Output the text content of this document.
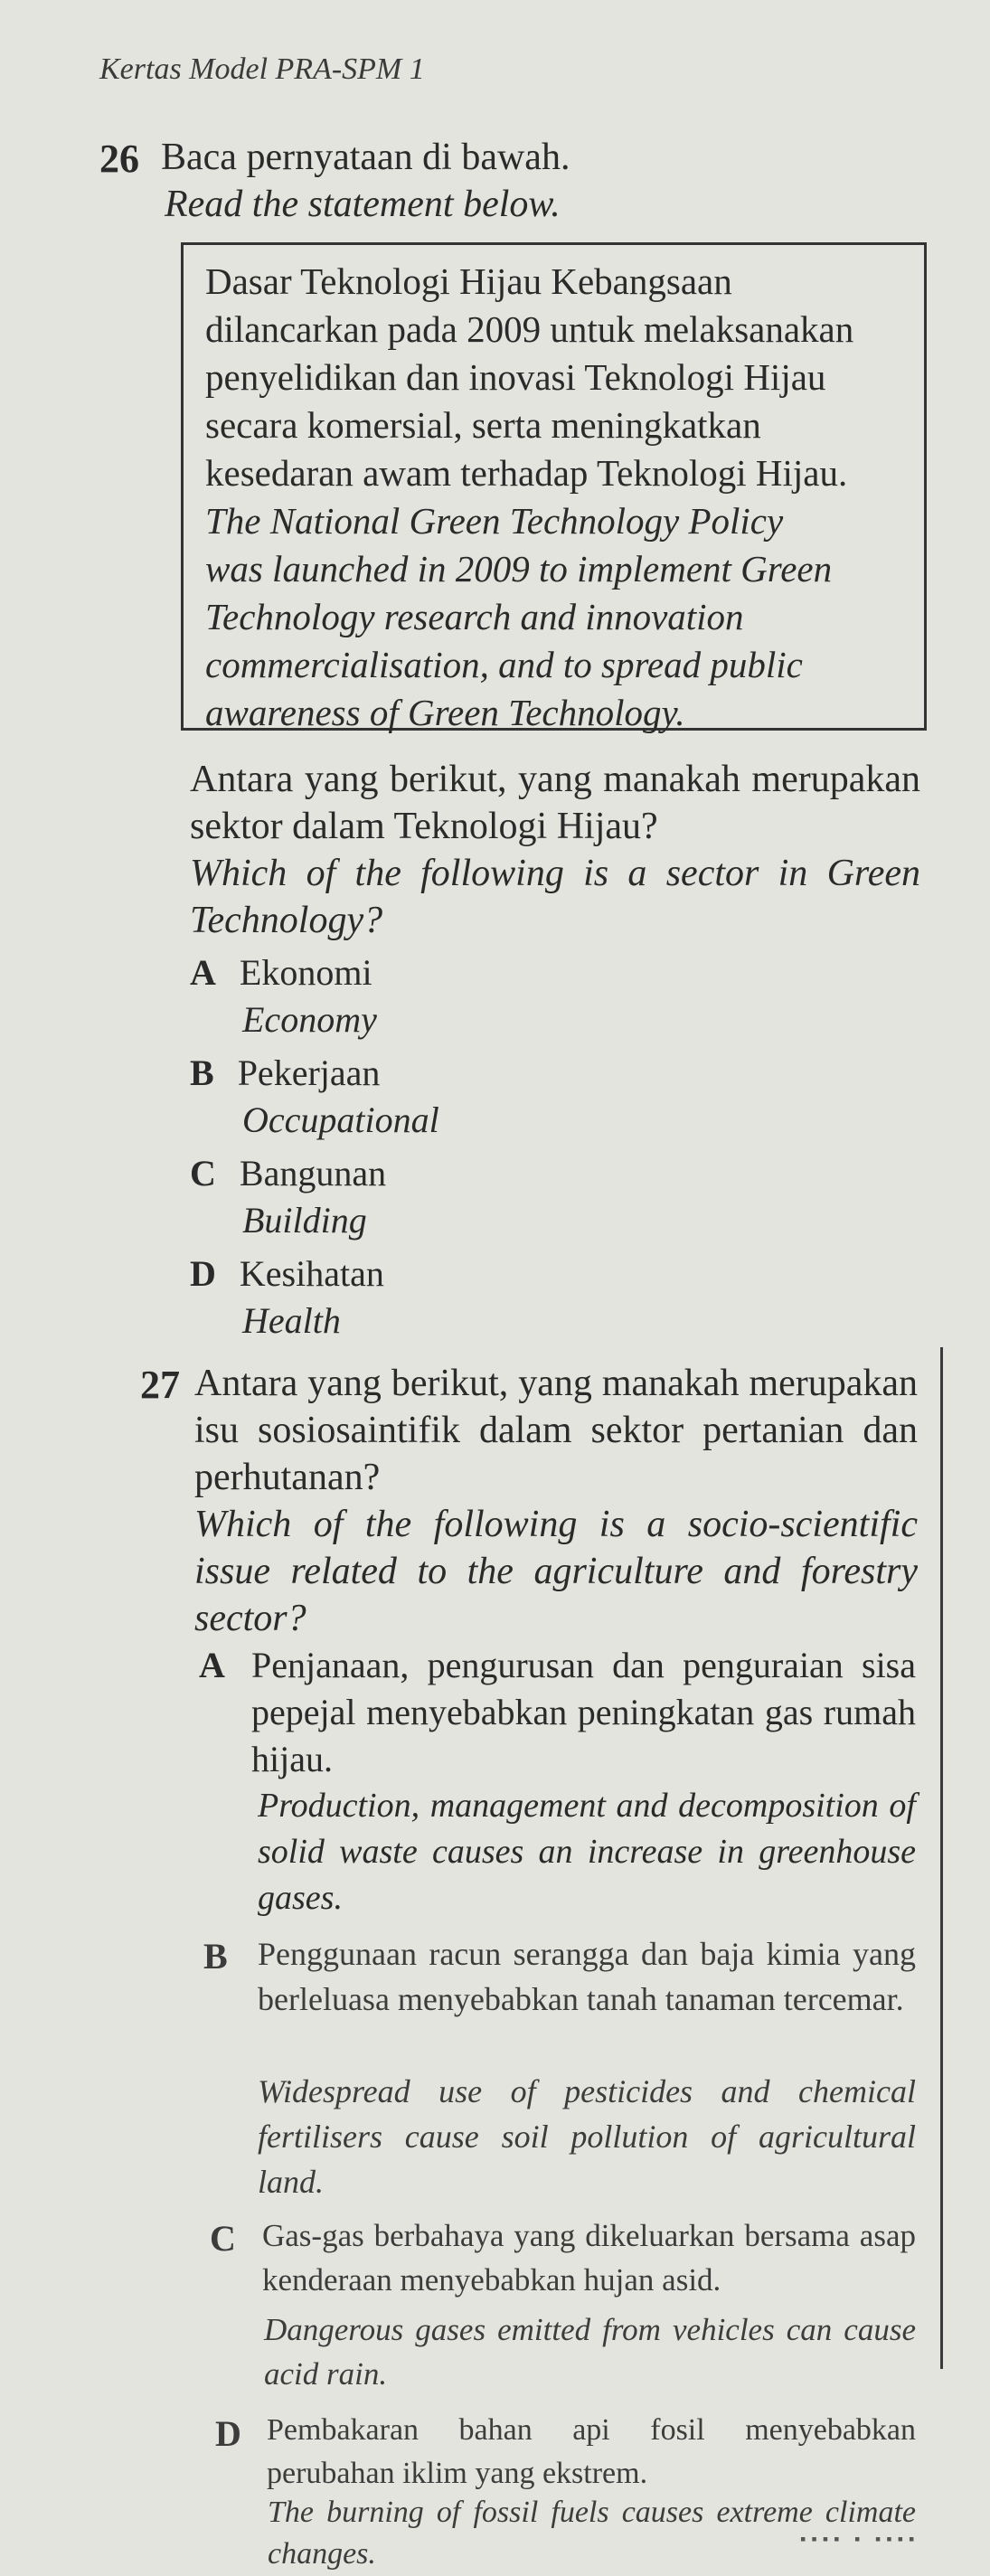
Kertas Model PRA-SPM 1
26 Baca pernyataan di bawah.
Read the statement below.
Dasar Teknologi Hijau Kebangsaan
dilancarkan pada 2009 untuk melaksanakan
penyelidikan dan inovasi Teknologi Hijau
secara komersial, serta meningkatkan
kesedaran awam terhadap Teknologi Hijau.
The National Green Technology Policy
was launched in 2009 to implement Green
Technology research and innovation
commercialisation, and to spread public
awareness of Green Technology.
Antara yang berikut, yang manakah merupakan sektor dalam Teknologi Hijau?
Which of the following is a sector in Green Technology?
A Ekonomi
Economy
B Pekerjaan
Occupational
C Bangunan
Building
D Kesihatan
Health
27 Antara yang berikut, yang manakah merupakan isu sosiosaintifik dalam sektor pertanian dan perhutanan?
Which of the following is a socio-scientific issue related to the agriculture and forestry sector?
A Penjanaan, pengurusan dan penguraian sisa pepejal menyebabkan peningkatan gas rumah hijau.
Production, management and decomposition of solid waste causes an increase in greenhouse gases.
B Penggunaan racun serangga dan baja kimia yang berleluasa menyebabkan tanah tanaman tercemar.
Widespread use of pesticides and chemical fertilisers cause soil pollution of agricultural land.
C Gas-gas berbahaya yang dikeluarkan bersama asap kenderaan menyebabkan hujan asid.
Dangerous gases emitted from vehicles can cause acid rain.
D Pembakaran bahan api fosil menyebabkan perubahan iklim yang ekstrem.
The burning of fossil fuels causes extreme climate changes.	▪▪▪▪ ▪ ▪▪▪▪
